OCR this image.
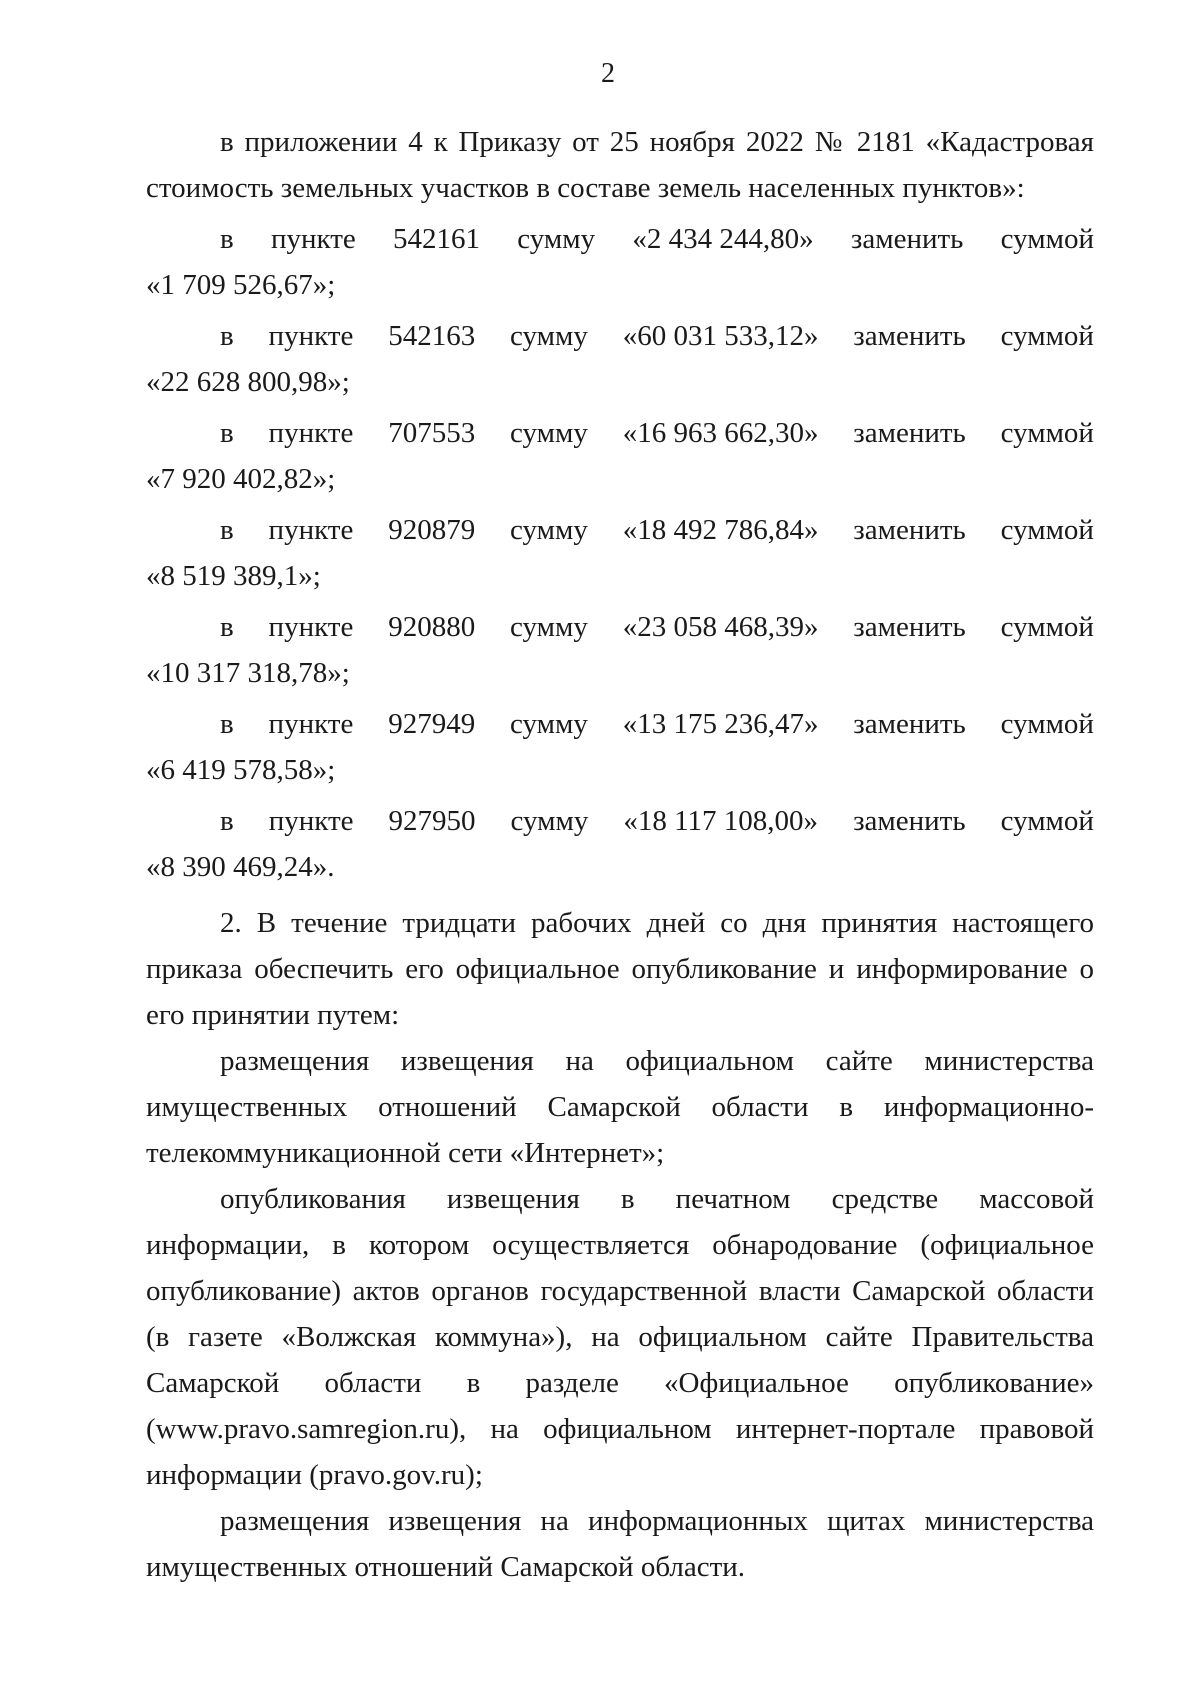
2

в приложении 4 к Приказу от 25 ноября 2022 № 2181 «Кадастровая стоимость земельных участков в составе земель населенных пунктов»:

в пункте 542161 сумму «2 434 244,80» заменить суммой
«1 709 526,67»;
в пункте 542163 сумму «60 031 533,12» заменить суммой
«22 628 800,98»;
в пункте 707553 сумму «16 963 662,30» заменить суммой
«7 920 402,82»;
в пункте 920879 сумму «18 492 786,84» заменить суммой
«8 519 389,1»;
в пункте 920880 сумму «23 058 468,39» заменить суммой
«10 317 318,78»;
в пункте 927949 сумму «13 175 236,47» заменить суммой
«6 419 578,58»;
в пункте 927950 сумму «18 117 108,00» заменить суммой
«8 390 469,24».

2. В течение тридцати рабочих дней со дня принятия настоящего приказа обеспечить его официальное опубликование и информирование о его принятии путем:

размещения извещения на официальном сайте министерства имущественных отношений Самарской области в информационно-телекоммуникационной сети «Интернет»;

опубликования извещения в печатном средстве массовой информации, в котором осуществляется обнародование (официальное опубликование) актов органов государственной власти Самарской области (в газете «Волжская коммуна»), на официальном сайте Правительства Самарской области в разделе «Официальное опубликование» (www.pravo.samregion.ru), на официальном интернет-портале правовой информации (pravo.gov.ru);

размещения извещения на информационных щитах министерства имущественных отношений Самарской области.
